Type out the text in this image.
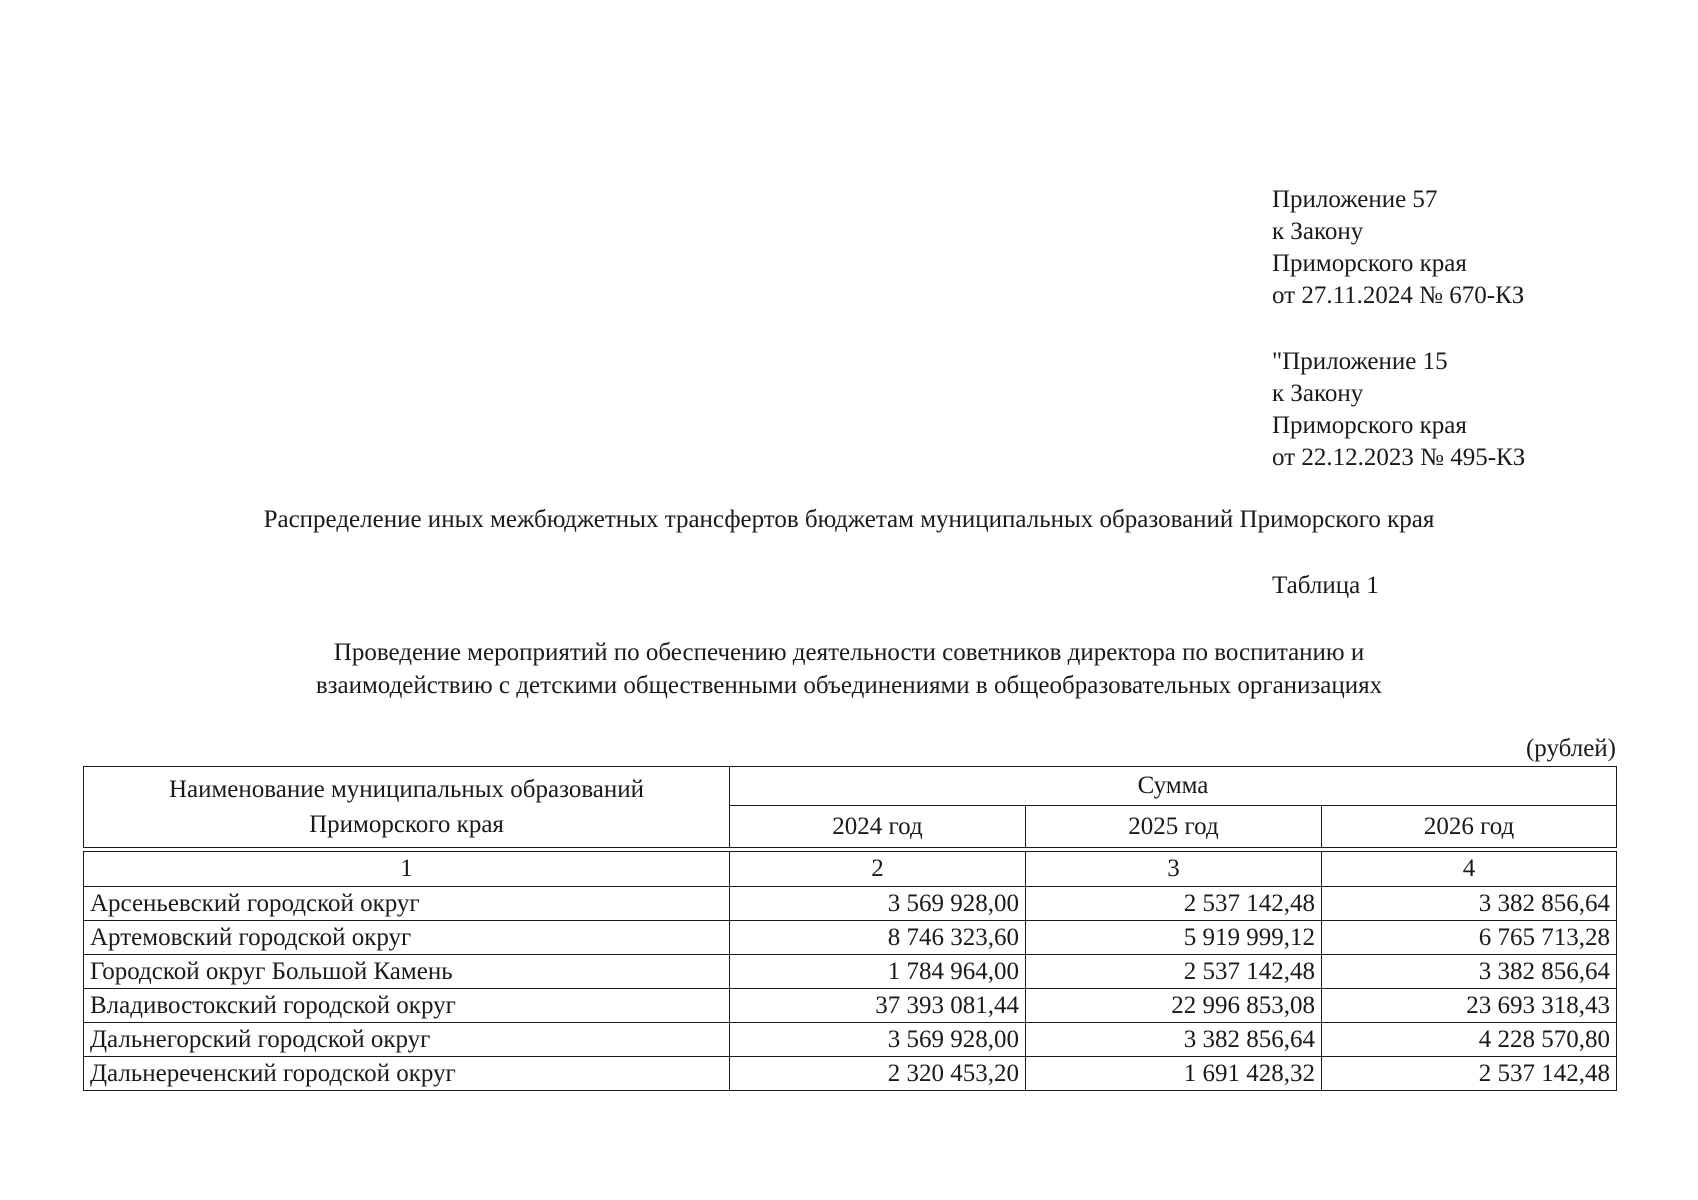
Приложение 57
к Закону
Приморского края
от 27.11.2024 № 670-КЗ
"Приложение 15
к Закону
Приморского края
от 22.12.2023 № 495-КЗ
Распределение иных межбюджетных трансфертов бюджетам муниципальных образований Приморского края
Таблица 1
Проведение мероприятий по обеспечению деятельности советников директора по воспитанию и
взаимодействию с детскими общественными объединениями в общеобразовательных организациях
(рублей)
Наименование муниципальных образований
Приморского края	Сумма		
	2024 год	2025 год	2026 год

1	2	3	4
Арсеньевский городской округ	3 569 928,00	2 537 142,48	3 382 856,64
Артемовский городской округ	8 746 323,60	5 919 999,12	6 765 713,28
Городской округ Большой Камень	1 784 964,00	2 537 142,48	3 382 856,64
Владивостокский городской округ	37 393 081,44	22 996 853,08	23 693 318,43
Дальнегорский городской округ	3 569 928,00	3 382 856,64	4 228 570,80
Дальнереченский городской округ	2 320 453,20	1 691 428,32	2 537 142,48
